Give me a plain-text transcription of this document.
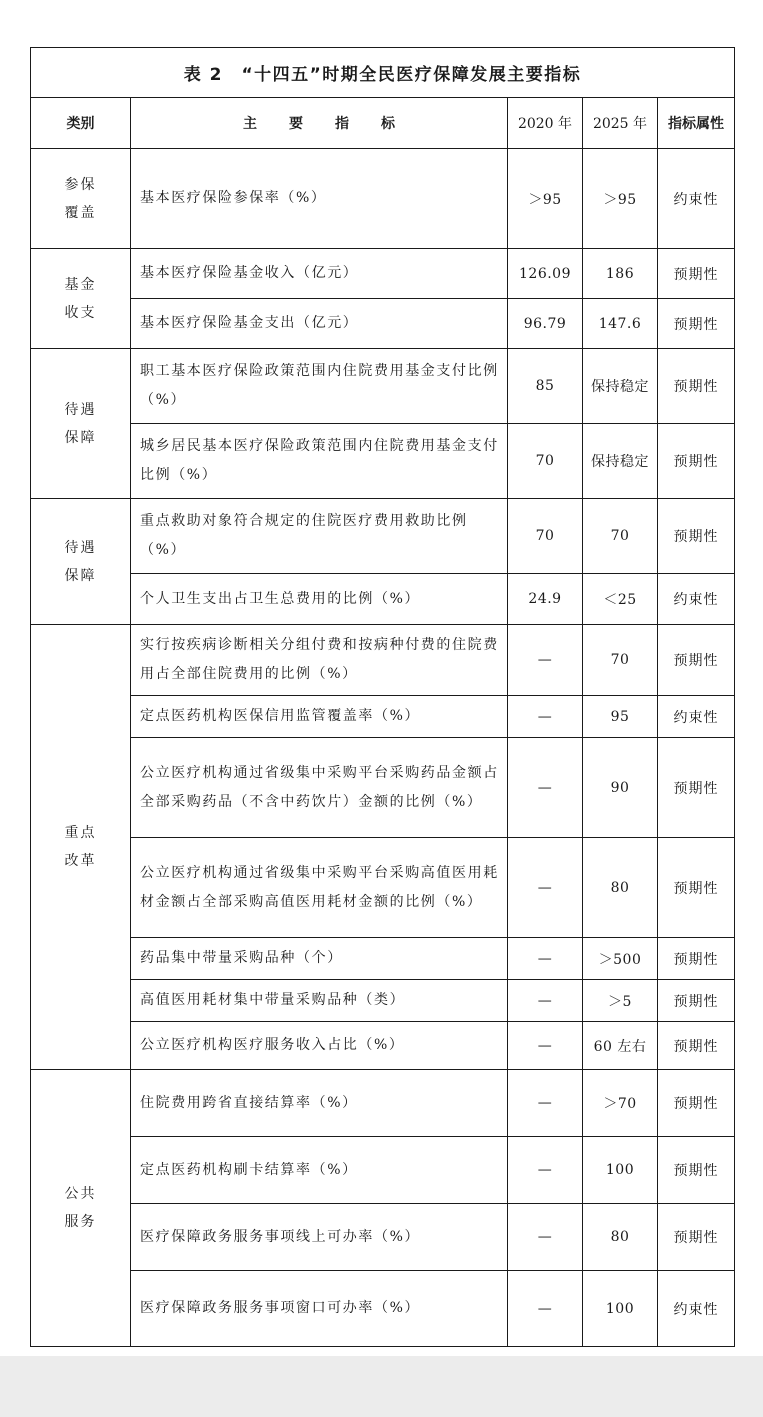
表 2　“十四五”时期全民医疗保障发展主要指标				
类别	主 要 指 标	2020 年	2025 年	指标属性

参保
覆盖	基本医疗保险参保率（%）	＞95	＞95	约束性

基金
收支	基本医疗保险基金收入（亿元）	126.09	186	预期性
	基本医疗保险基金支出（亿元）	96.79	147.6	预期性

待遇
保障	职工基本医疗保险政策范围内住院费用基金支付比例（%）	85	保持稳定	预期性
	城乡居民基本医疗保险政策范围内住院费用基金支付比例（%）	70	保持稳定	预期性

待遇
保障	重点救助对象符合规定的住院医疗费用救助比例（%）	70	70	预期性
	个人卫生支出占卫生总费用的比例（%）	24.9	＜25	约束性

重点
改革	实行按疾病诊断相关分组付费和按病种付费的住院费用占全部住院费用的比例（%）	—	70	预期性
	定点医药机构医保信用监管覆盖率（%）	—	95	约束性
	公立医疗机构通过省级集中采购平台采购药品金额占全部采购药品（不含中药饮片）金额的比例（%）	—	90	预期性
	公立医疗机构通过省级集中采购平台采购高值医用耗材金额占全部采购高值医用耗材金额的比例（%）	—	80	预期性
	药品集中带量采购品种（个）	—	＞500	预期性
	高值医用耗材集中带量采购品种（类）	—	＞5	预期性
	公立医疗机构医疗服务收入占比（%）	—	60 左右	预期性

公共
服务	住院费用跨省直接结算率（%）	—	＞70	预期性
	定点医药机构刷卡结算率（%）	—	100	预期性
	医疗保障政务服务事项线上可办率（%）	—	80	预期性
	医疗保障政务服务事项窗口可办率（%）	—	100	约束性
